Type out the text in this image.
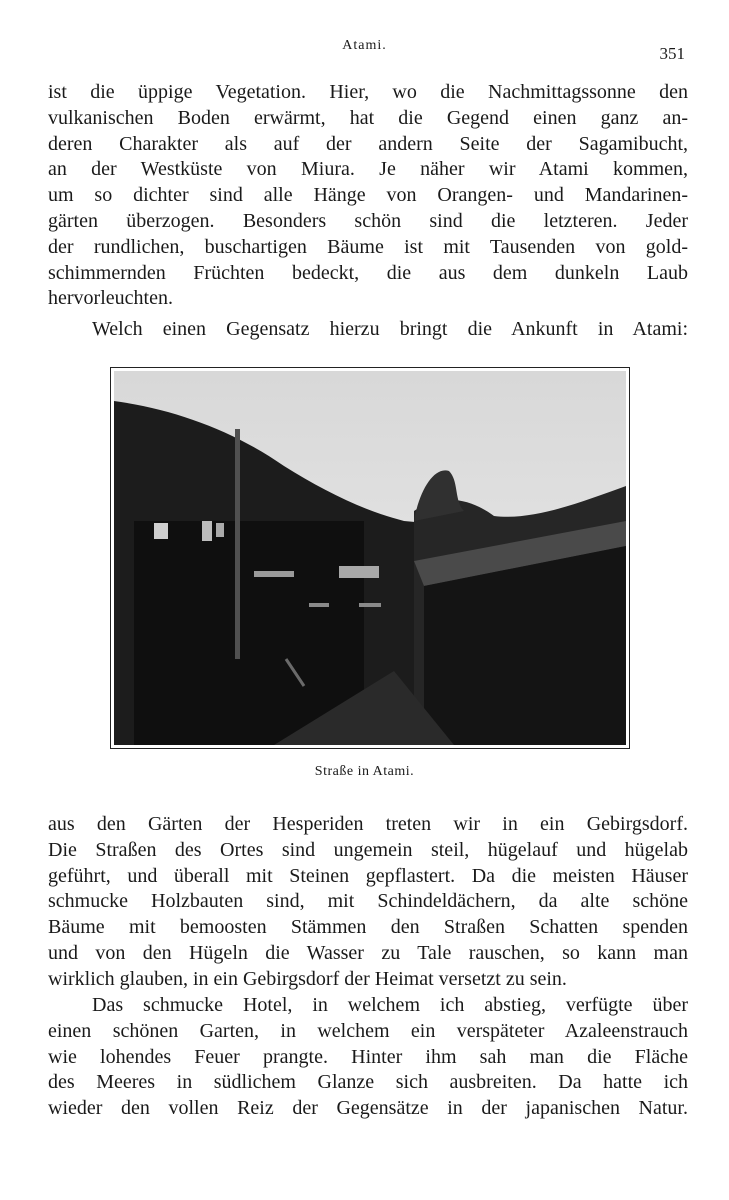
Atami.	351
ist die üppige Vegetation. Hier, wo die Nachmittagssonne den
vulkanischen Boden erwärmt, hat die Gegend einen ganz an-
deren Charakter als auf der andern Seite der Sagamibucht,
an der Westküste von Miura. Je näher wir Atami kommen,
um so dichter sind alle Hänge von Orangen- und Mandarinen-
gärten überzogen. Besonders schön sind die letzteren. Jeder
der rundlichen, buschartigen Bäume ist mit Tausenden von gold-
schimmernden Früchten bedeckt, die aus dem dunkeln Laub
hervorleuchten.
Welch einen Gegensatz hierzu bringt die Ankunft in Atami:
Straße in Atami.
aus den Gärten der Hesperiden treten wir in ein Gebirgsdorf.
Die Straßen des Ortes sind ungemein steil, hügelauf und hügelab
geführt, und überall mit Steinen gepflastert. Da die meisten Häuser
schmucke Holzbauten sind, mit Schindeldächern, da alte schöne
Bäume mit bemoosten Stämmen den Straßen Schatten spenden
und von den Hügeln die Wasser zu Tale rauschen, so kann man
wirklich glauben, in ein Gebirgsdorf der Heimat versetzt zu sein.
Das schmucke Hotel, in welchem ich abstieg, verfügte über
einen schönen Garten, in welchem ein verspäteter Azaleenstrauch
wie lohendes Feuer prangte. Hinter ihm sah man die Fläche
des Meeres in südlichem Glanze sich ausbreiten. Da hatte ich
wieder den vollen Reiz der Gegensätze in der japanischen Natur.
